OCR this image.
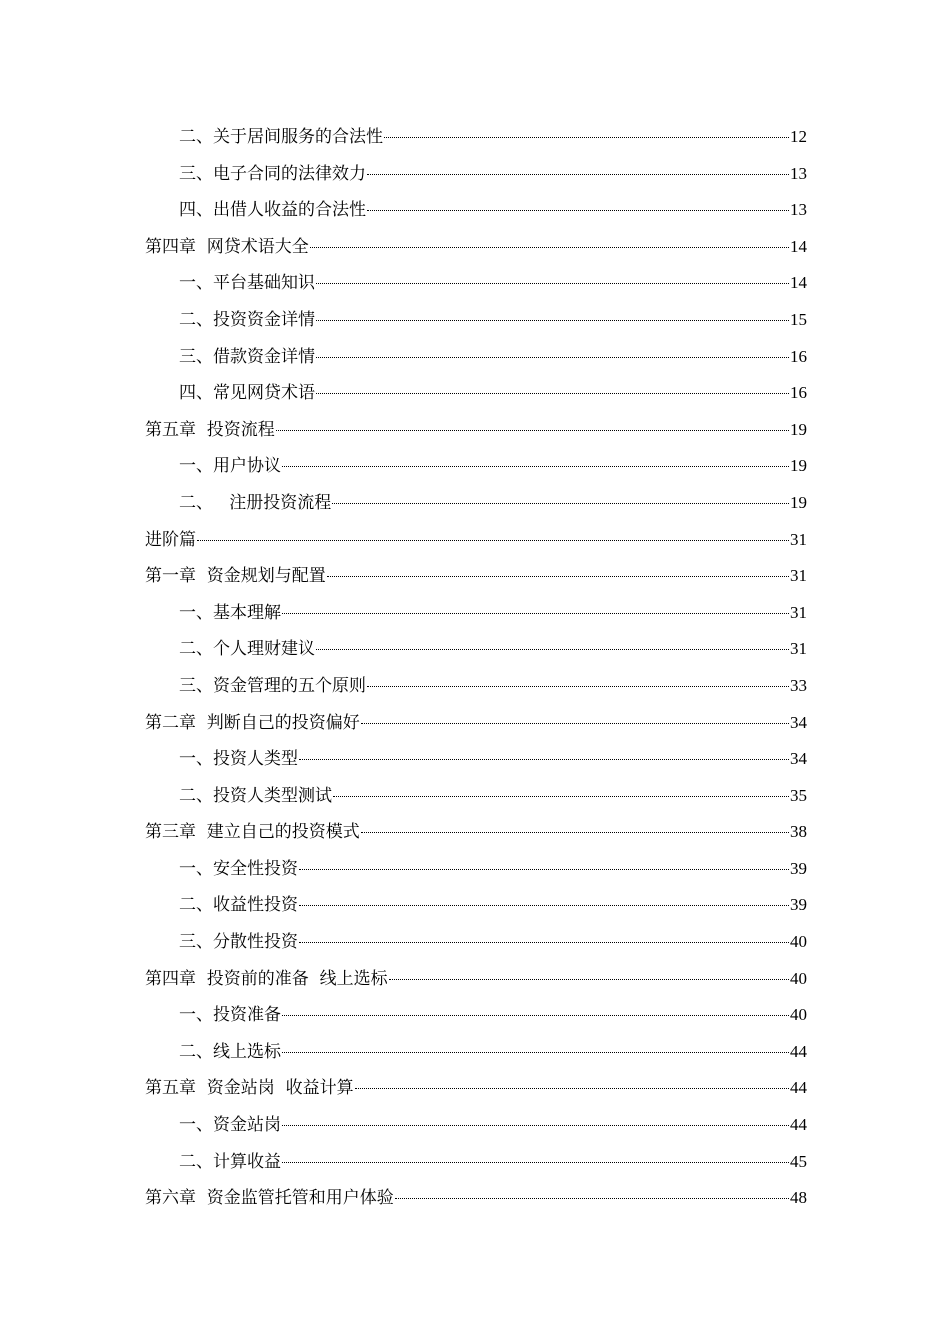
二、关于居间服务的合法性	12
三、电子合同的法律效力	13
四、出借人收益的合法性	13
第四章  网贷术语大全	14
一、平台基础知识	14
二、投资资金详情	15
三、借款资金详情	16
四、常见网贷术语	16
第五章  投资流程	19
一、用户协议	19
二、   注册投资流程	19
进阶篇	31
第一章  资金规划与配置	31
一、基本理解	31
二、个人理财建议	31
三、资金管理的五个原则	33
第二章  判断自己的投资偏好	34
一、投资人类型	34
二、投资人类型测试	35
第三章  建立自己的投资模式	38
一、安全性投资	39
二、收益性投资	39
三、分散性投资	40
第四章  投资前的准备  线上选标	40
一、投资准备	40
二、线上选标	44
第五章  资金站岗  收益计算	44
一、资金站岗	44
二、计算收益	45
第六章  资金监管托管和用户体验	48
